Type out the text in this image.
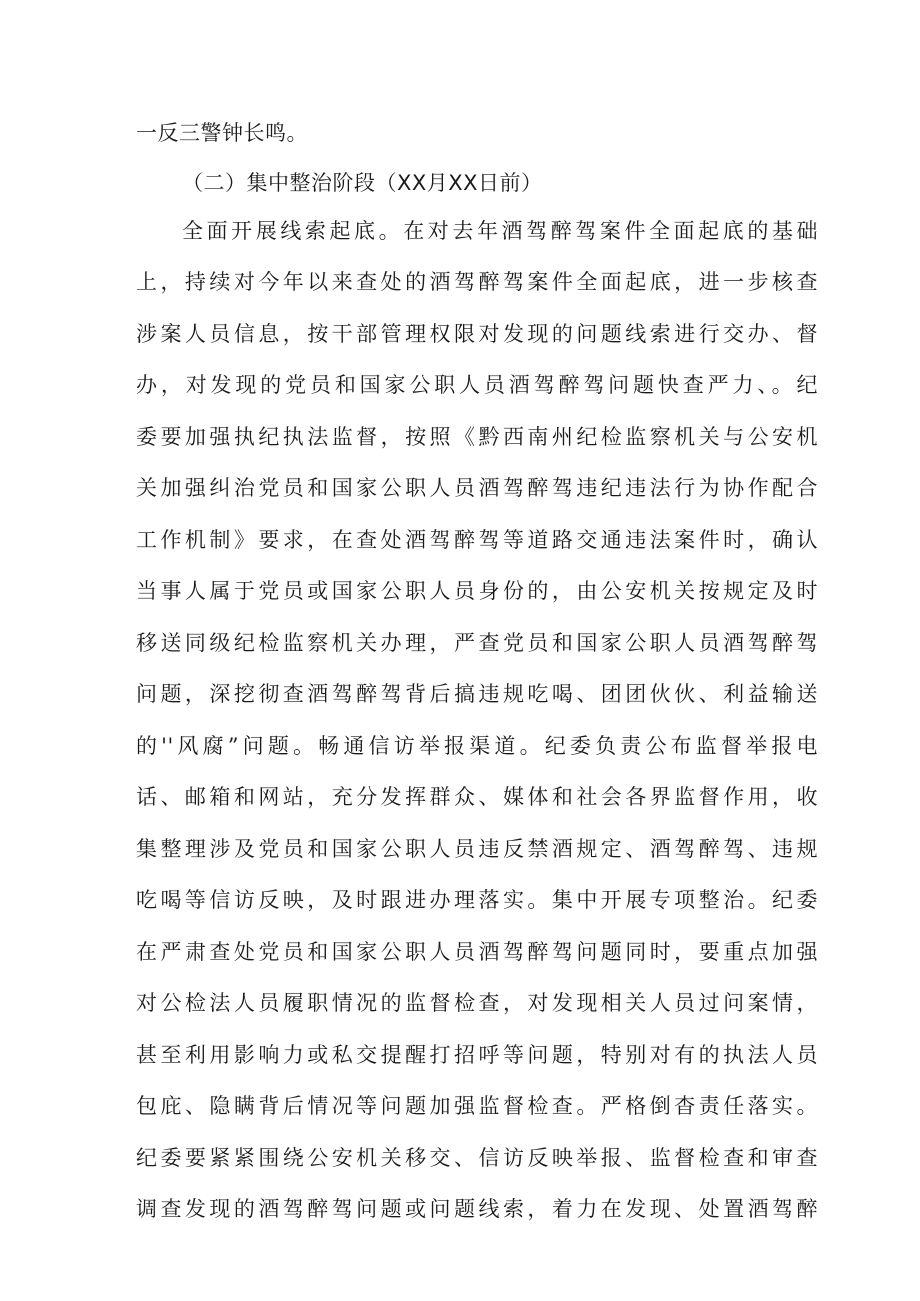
一反三警钟长鸣。
（二）集中整治阶段（XX月XX日前）
全面开展线索起底。在对去年酒驾醉驾案件全面起底的基础
上，持续对今年以来查处的酒驾醉驾案件全面起底，进一步核查
涉案人员信息，按干部管理权限对发现的问题线索进行交办、督
办，对发现的党员和国家公职人员酒驾醉驾问题快查严力、。纪
委要加强执纪执法监督，按照《黔西南州纪检监察机关与公安机
关加强纠治党员和国家公职人员酒驾醉驾违纪违法行为协作配合
工作机制》要求，在查处酒驾醉驾等道路交通违法案件时，确认
当事人属于党员或国家公职人员身份的，由公安机关按规定及时
移送同级纪检监察机关办理，严查党员和国家公职人员酒驾醉驾
问题，深挖彻查酒驾醉驾背后搞违规吃喝、团团伙伙、利益输送
的''风腐”问题。畅通信访举报渠道。纪委负责公布监督举报电
话、邮箱和网站，充分发挥群众、媒体和社会各界监督作用，收
集整理涉及党员和国家公职人员违反禁酒规定、酒驾醉驾、违规
吃喝等信访反映，及时跟进办理落实。集中开展专项整治。纪委
在严肃查处党员和国家公职人员酒驾醉驾问题同时，要重点加强
对公检法人员履职情况的监督检查，对发现相关人员过问案情，
甚至利用影响力或私交提醒打招呼等问题，特别对有的执法人员
包庇、隐瞒背后情况等问题加强监督检查。严格倒杳责任落实。
纪委要紧紧围绕公安机关移交、信访反映举报、监督检查和审查
调查发现的酒驾醉驾问题或问题线索，着力在发现、处置酒驾醉
